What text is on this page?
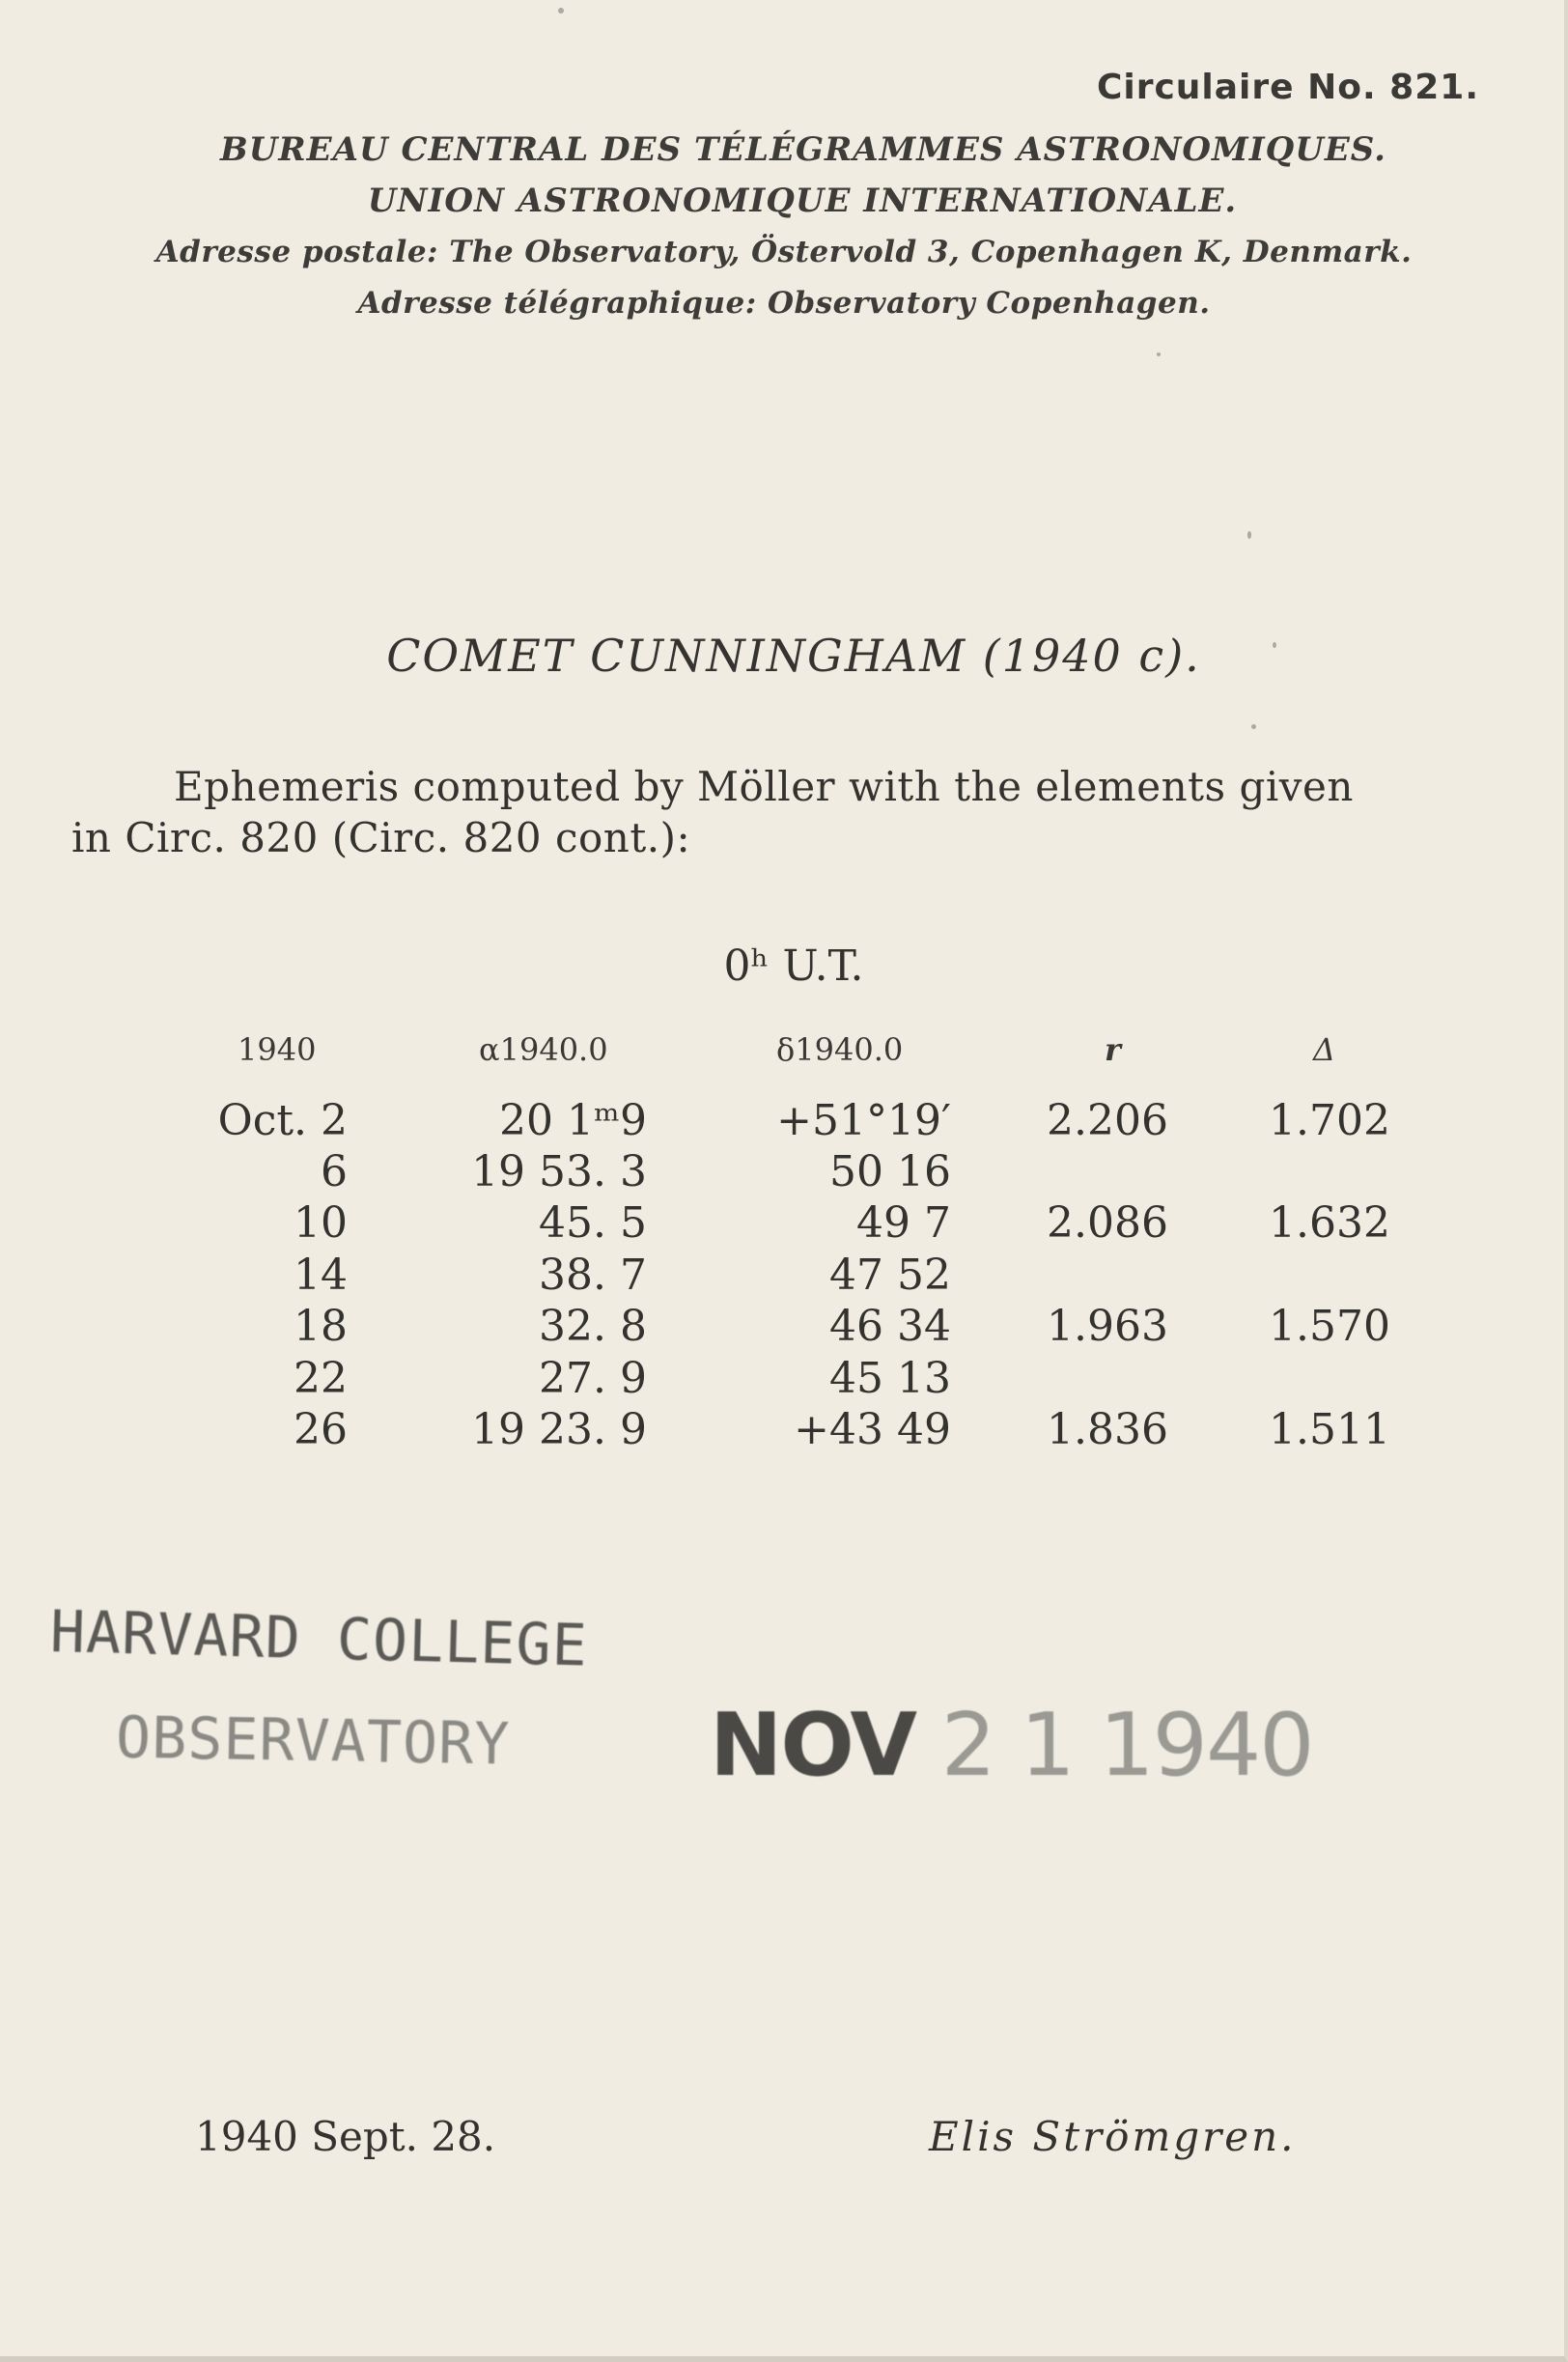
Circulaire No. 821.
BUREAU CENTRAL DES TÉLÉGRAMMES ASTRONOMIQUES.
UNION ASTRONOMIQUE INTERNATIONALE.
Adresse postale: The Observatory, Östervold 3, Copenhagen K, Denmark.
Adresse télégraphique: Observatory Copenhagen.
COMET CUNNINGHAM (1940 c).
Ephemeris computed by Möller with the elements given
in Circ. 820 (Circ. 820 cont.):
0ʰ U.T.
1940	α1940.0	δ1940.0	r	Δ
Oct. 2	20 1ᵐ9	+51°19′	2.206	1.702
6	19 53. 3	50 16
10	45. 5	49 7	2.086	1.632
14	38. 7	47 52
18	32. 8	46 34	1.963	1.570
22	27. 9	45 13
26	19 23. 9	+43 49	1.836	1.511
HARVARD COLLEGE
OBSERVATORY NOV 2 1 1940
1940 Sept. 28.	Elis Strömgren.
